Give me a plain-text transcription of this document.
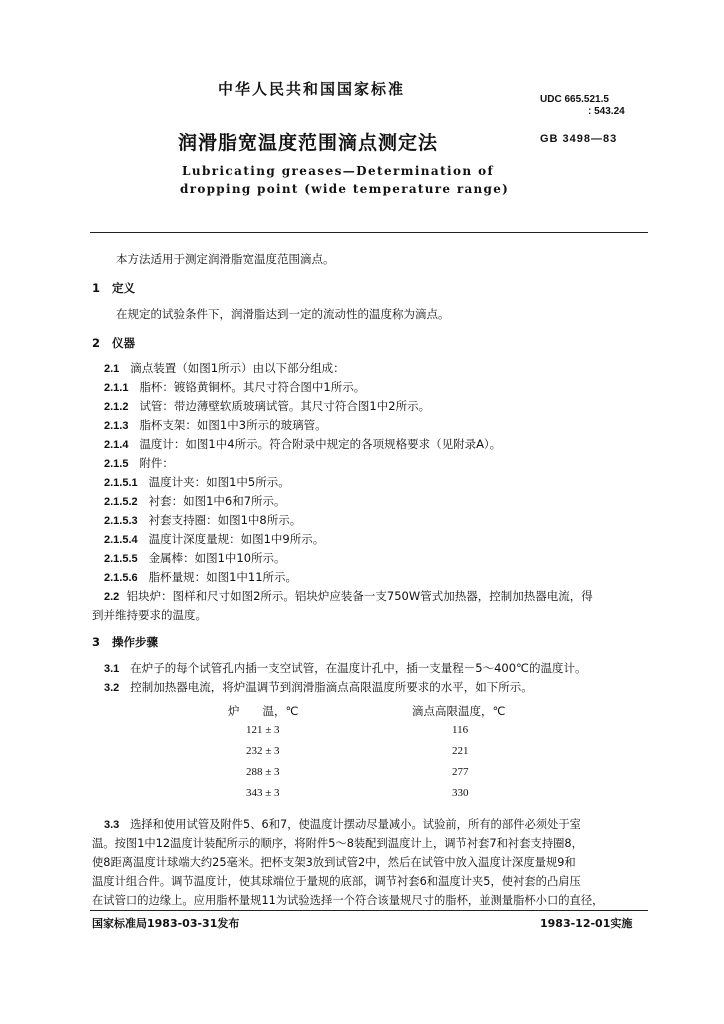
中华人民共和国国家标准
UDC 665.521.5
: 543.24
润滑脂宽温度范围滴点测定法	GB 3498—83
Lubricating greases—Determination of
dropping point (wide temperature range)
本方法适用于测定润滑脂宽温度范围滴点。
1 定义
在规定的试验条件下，润滑脂达到一定的流动性的温度称为滴点。
2 仪器
2.1 滴点装置（如图1所示）由以下部分组成：
2.1.1 脂杯：镀铬黄铜杯。其尺寸符合图中1所示。
2.1.2 试管：带边薄壁软质玻璃试管。其尺寸符合图1中2所示。
2.1.3 脂杯支架：如图1中3所示的玻璃管。
2.1.4 温度计：如图1中4所示。符合附录中规定的各项规格要求（见附录A）。
2.1.5 附件：
2.1.5.1 温度计夹：如图1中5所示。
2.1.5.2 衬套：如图1中6和7所示。
2.1.5.3 衬套支持圈：如图1中8所示。
2.1.5.4 温度计深度量规：如图1中9所示。
2.1.5.5 金属棒：如图1中10所示。
2.1.5.6 脂杯量规：如图1中11所示。
2.2 铝块炉：图样和尺寸如图2所示。铝块炉应装备一支750W管式加热器，控制加热器电流，得
到并维持要求的温度。
3 操作步骤
3.1 在炉子的每个试管孔内插一支空试管，在温度计孔中，插一支量程－5～400℃的温度计。
3.2 控制加热器电流，将炉温调节到润滑脂滴点高限温度所要求的水平，如下所示。
炉　　温，℃	滴点高限温度，℃
121 ± 3	116
232 ± 3	221
288 ± 3	277
343 ± 3	330
3.3 选择和使用试管及附件5、6和7，使温度计摆动尽量减小。试验前，所有的部件必须处于室
温。按图1中12温度计装配所示的顺序，将附件5～8装配到温度计上，调节衬套7和衬套支持圈8，
使8距离温度计球端大约25毫米。把杯支架3放到试管2中，然后在试管中放入温度计深度量规9和
温度计组合件。调节温度计，使其球端位于量规的底部，调节衬套6和温度计夹5，使衬套的凸肩压
在试管口的边缘上。应用脂杯量规11为试验选择一个符合该量规尺寸的脂杯，並测量脂杯小口的直径，
国家标准局1983-03-31发布	1983-12-01实施
